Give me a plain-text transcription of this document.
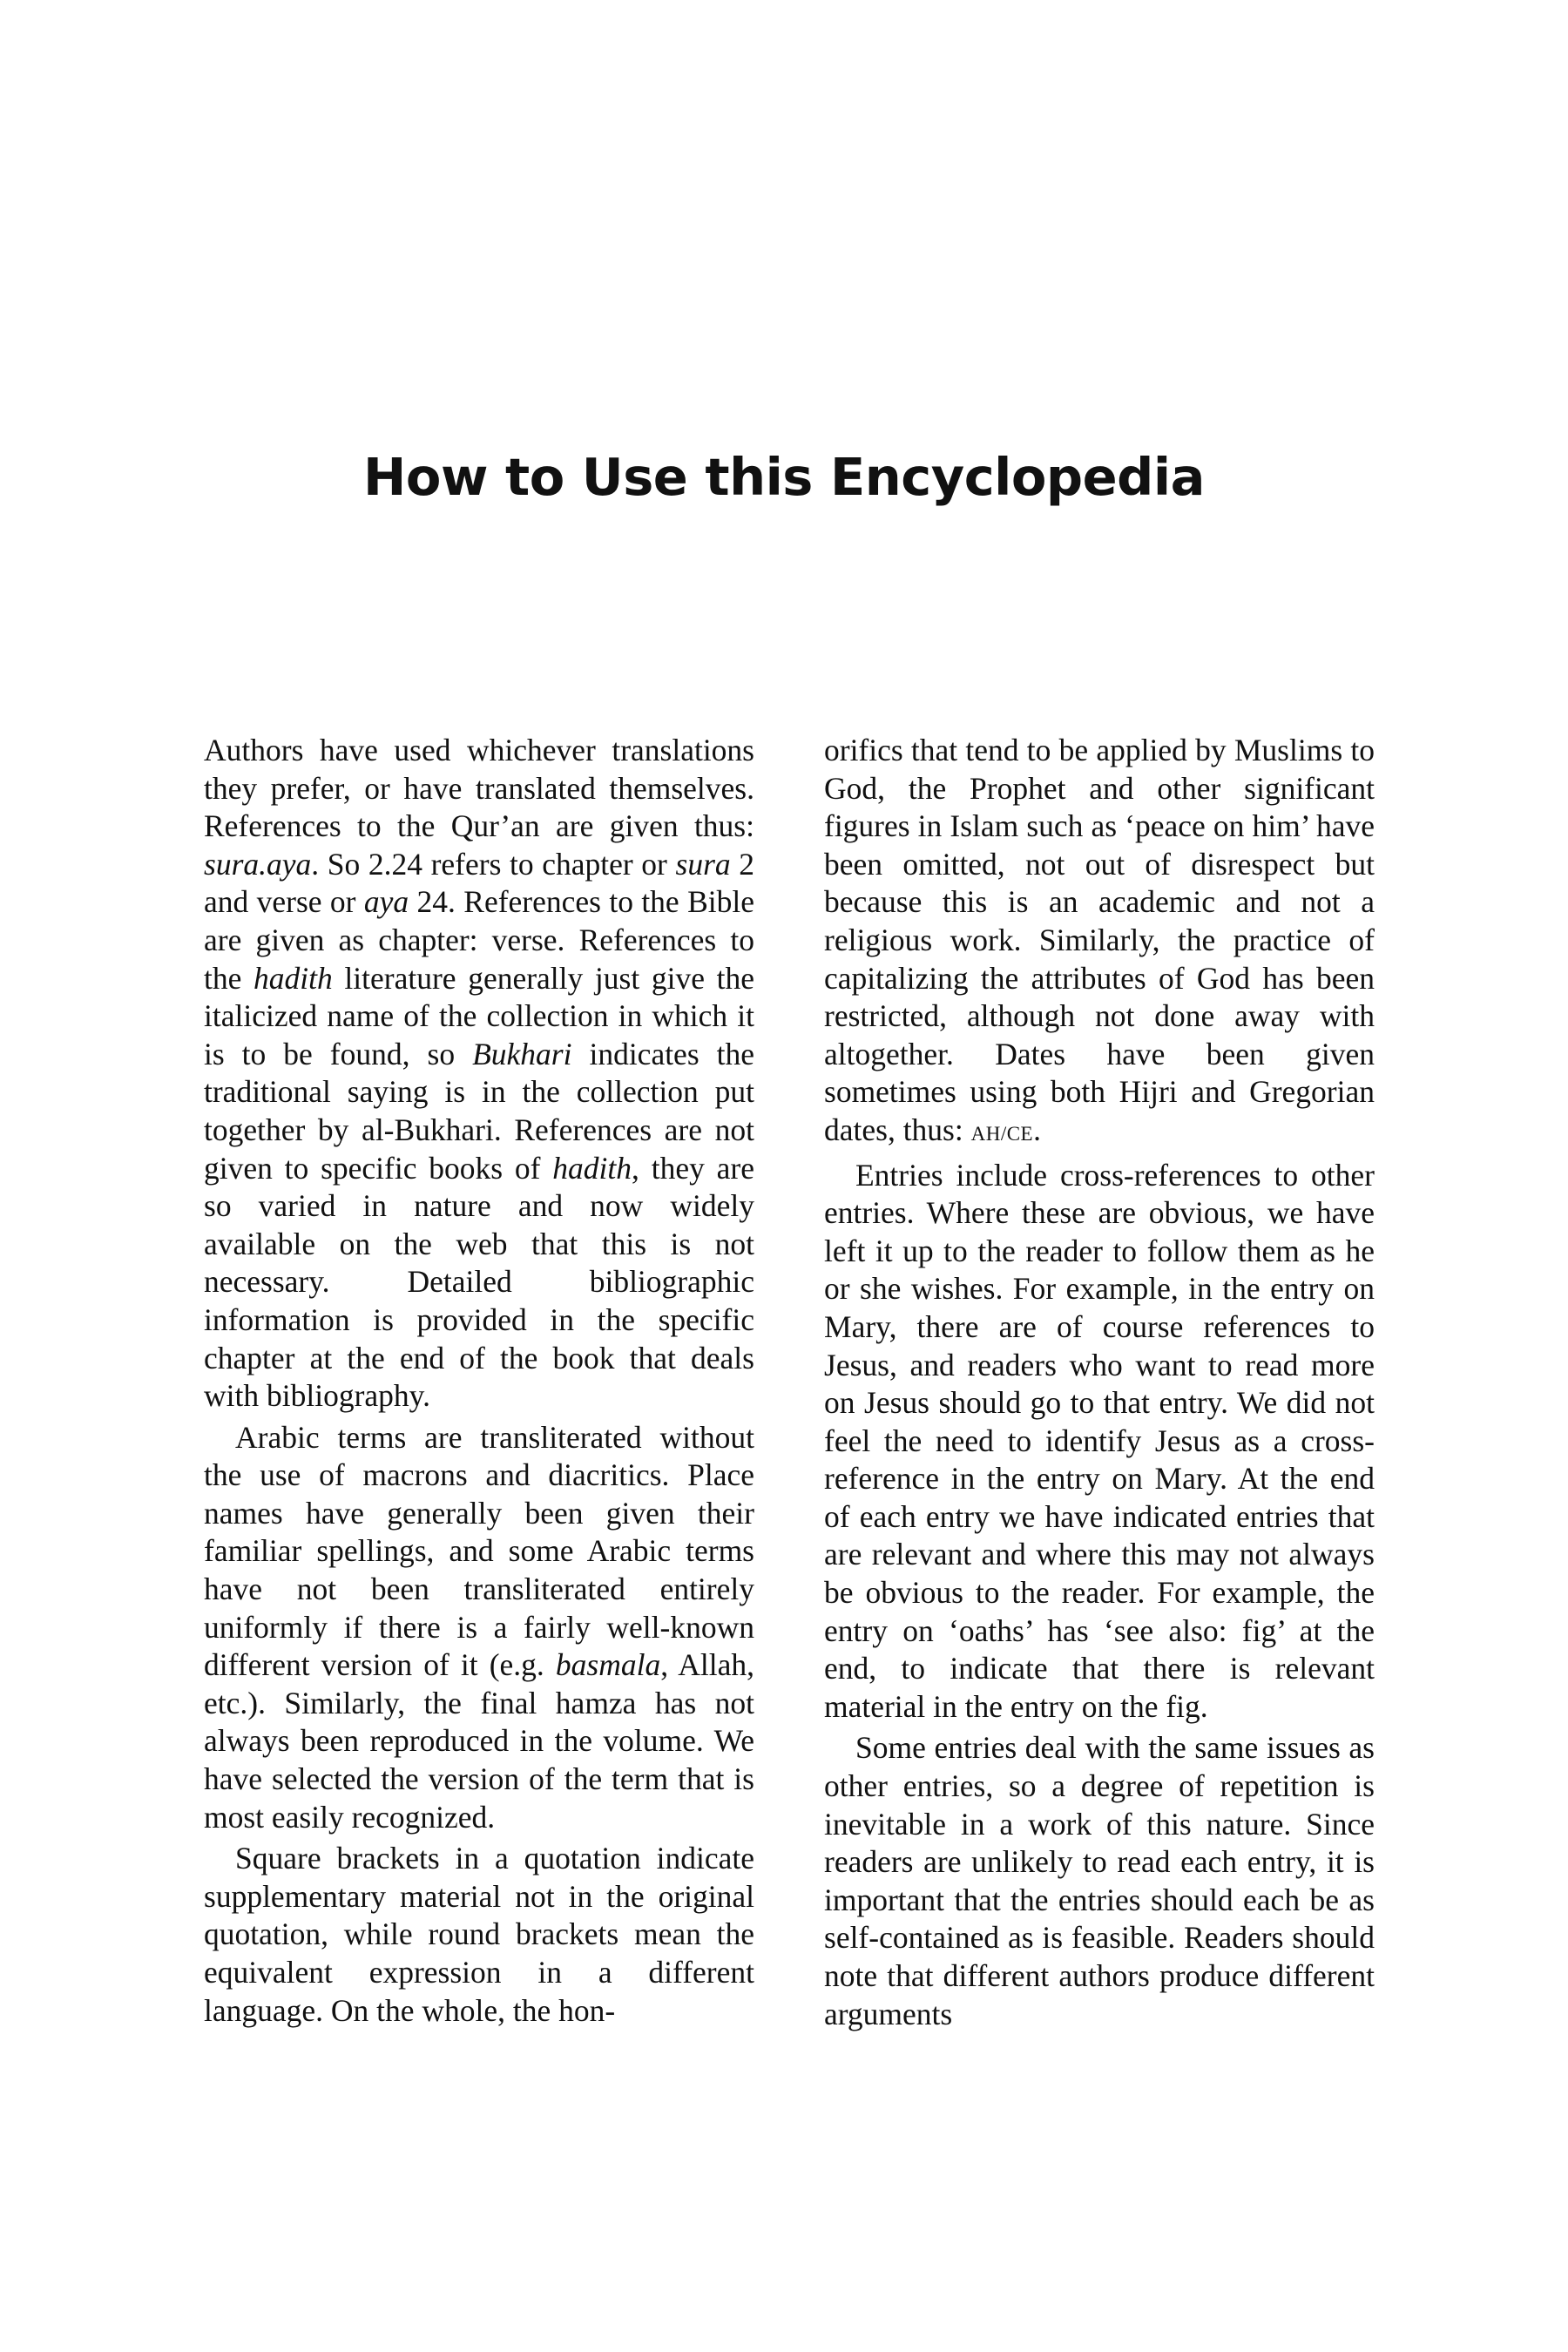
How to Use this Encyclopedia

Authors have used whichever translations they prefer, or have translated themselves. References to the Qur’an are given thus: sura.aya. So 2.24 refers to chapter or sura 2 and verse or aya 24. References to the Bible are given as chapter: verse. References to the hadith literature generally just give the italicized name of the collection in which it is to be found, so Bukhari indicates the traditional saying is in the collection put together by al-Bukhari. References are not given to specific books of hadith, they are so varied in nature and now widely available on the web that this is not necessary. Detailed bibliographic information is provided in the specific chapter at the end of the book that deals with bibliography.

Arabic terms are transliterated without the use of macrons and diacritics. Place names have generally been given their familiar spellings, and some Arabic terms have not been transliterated entirely uniformly if there is a fairly well-known different version of it (e.g. basmala, Allah, etc.). Similarly, the final hamza has not always been reproduced in the volume. We have selected the version of the term that is most easily recognized.

Square brackets in a quotation indicate supplementary material not in the original quotation, while round brackets mean the equivalent expression in a different language. On the whole, the hon-

orifics that tend to be applied by Muslims to God, the Prophet and other significant figures in Islam such as ‘peace on him’ have been omitted, not out of disrespect but because this is an academic and not a religious work. Similarly, the practice of capitalizing the attributes of God has been restricted, although not done away with altogether. Dates have been given sometimes using both Hijri and Gregorian dates, thus: AH/CE.

Entries include cross-references to other entries. Where these are obvious, we have left it up to the reader to follow them as he or she wishes. For example, in the entry on Mary, there are of course references to Jesus, and readers who want to read more on Jesus should go to that entry. We did not feel the need to identify Jesus as a cross-reference in the entry on Mary. At the end of each entry we have indicated entries that are relevant and where this may not always be obvious to the reader. For example, the entry on ‘oaths’ has ‘see also: fig’ at the end, to indicate that there is relevant material in the entry on the fig.

Some entries deal with the same issues as other entries, so a degree of repetition is inevitable in a work of this nature. Since readers are unlikely to read each entry, it is important that the entries should each be as self-contained as is feasible. Readers should note that different authors produce different arguments
